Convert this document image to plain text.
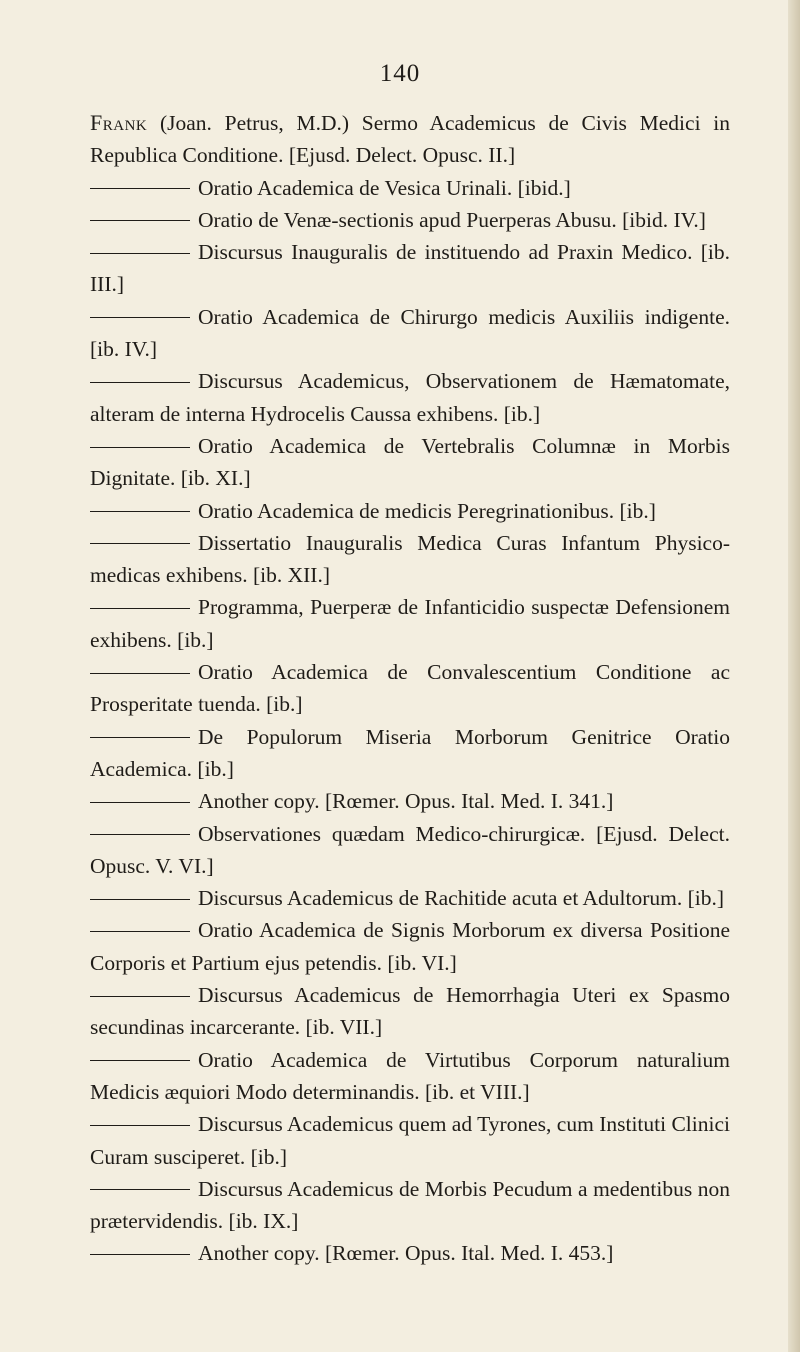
140

Frank (Joan. Petrus, M.D.) Sermo Academicus de Civis Medici in Republica Conditione. [Ejusd. Delect. Opusc. II.]

Oratio Academica de Vesica Urinali. [ibid.]

Oratio de Venæ-sectionis apud Puerperas Abusu. [ibid. IV.]

Discursus Inauguralis de instituendo ad Praxin Medico. [ib. III.]

Oratio Academica de Chirurgo medicis Auxiliis indigente. [ib. IV.]

Discursus Academicus, Observationem de Hæmatomate, alteram de interna Hydrocelis Caussa exhibens. [ib.]

Oratio Academica de Vertebralis Columnæ in Morbis Dignitate. [ib. XI.]

Oratio Academica de medicis Peregrinationibus. [ib.]

Dissertatio Inauguralis Medica Curas Infantum Physico-medicas exhibens. [ib. XII.]

Programma, Puerperæ de Infanticidio suspectæ Defensionem exhibens. [ib.]

Oratio Academica de Convalescentium Conditione ac Prosperitate tuenda. [ib.]

De Populorum Miseria Morborum Genitrice Oratio Academica. [ib.]

Another copy. [Rœmer. Opus. Ital. Med. I. 341.]

Observationes quædam Medico-chirurgicæ. [Ejusd. Delect. Opusc. V. VI.]

Discursus Academicus de Rachitide acuta et Adultorum. [ib.]

Oratio Academica de Signis Morborum ex diversa Positione Corporis et Partium ejus petendis. [ib. VI.]

Discursus Academicus de Hemorrhagia Uteri ex Spasmo secundinas incarcerante. [ib. VII.]

Oratio Academica de Virtutibus Corporum naturalium Medicis æquiori Modo determinandis. [ib. et VIII.]

Discursus Academicus quem ad Tyrones, cum Instituti Clinici Curam susciperet. [ib.]

Discursus Academicus de Morbis Pecudum a medentibus non prætervidendis. [ib. IX.]

Another copy. [Rœmer. Opus. Ital. Med. I. 453.]
